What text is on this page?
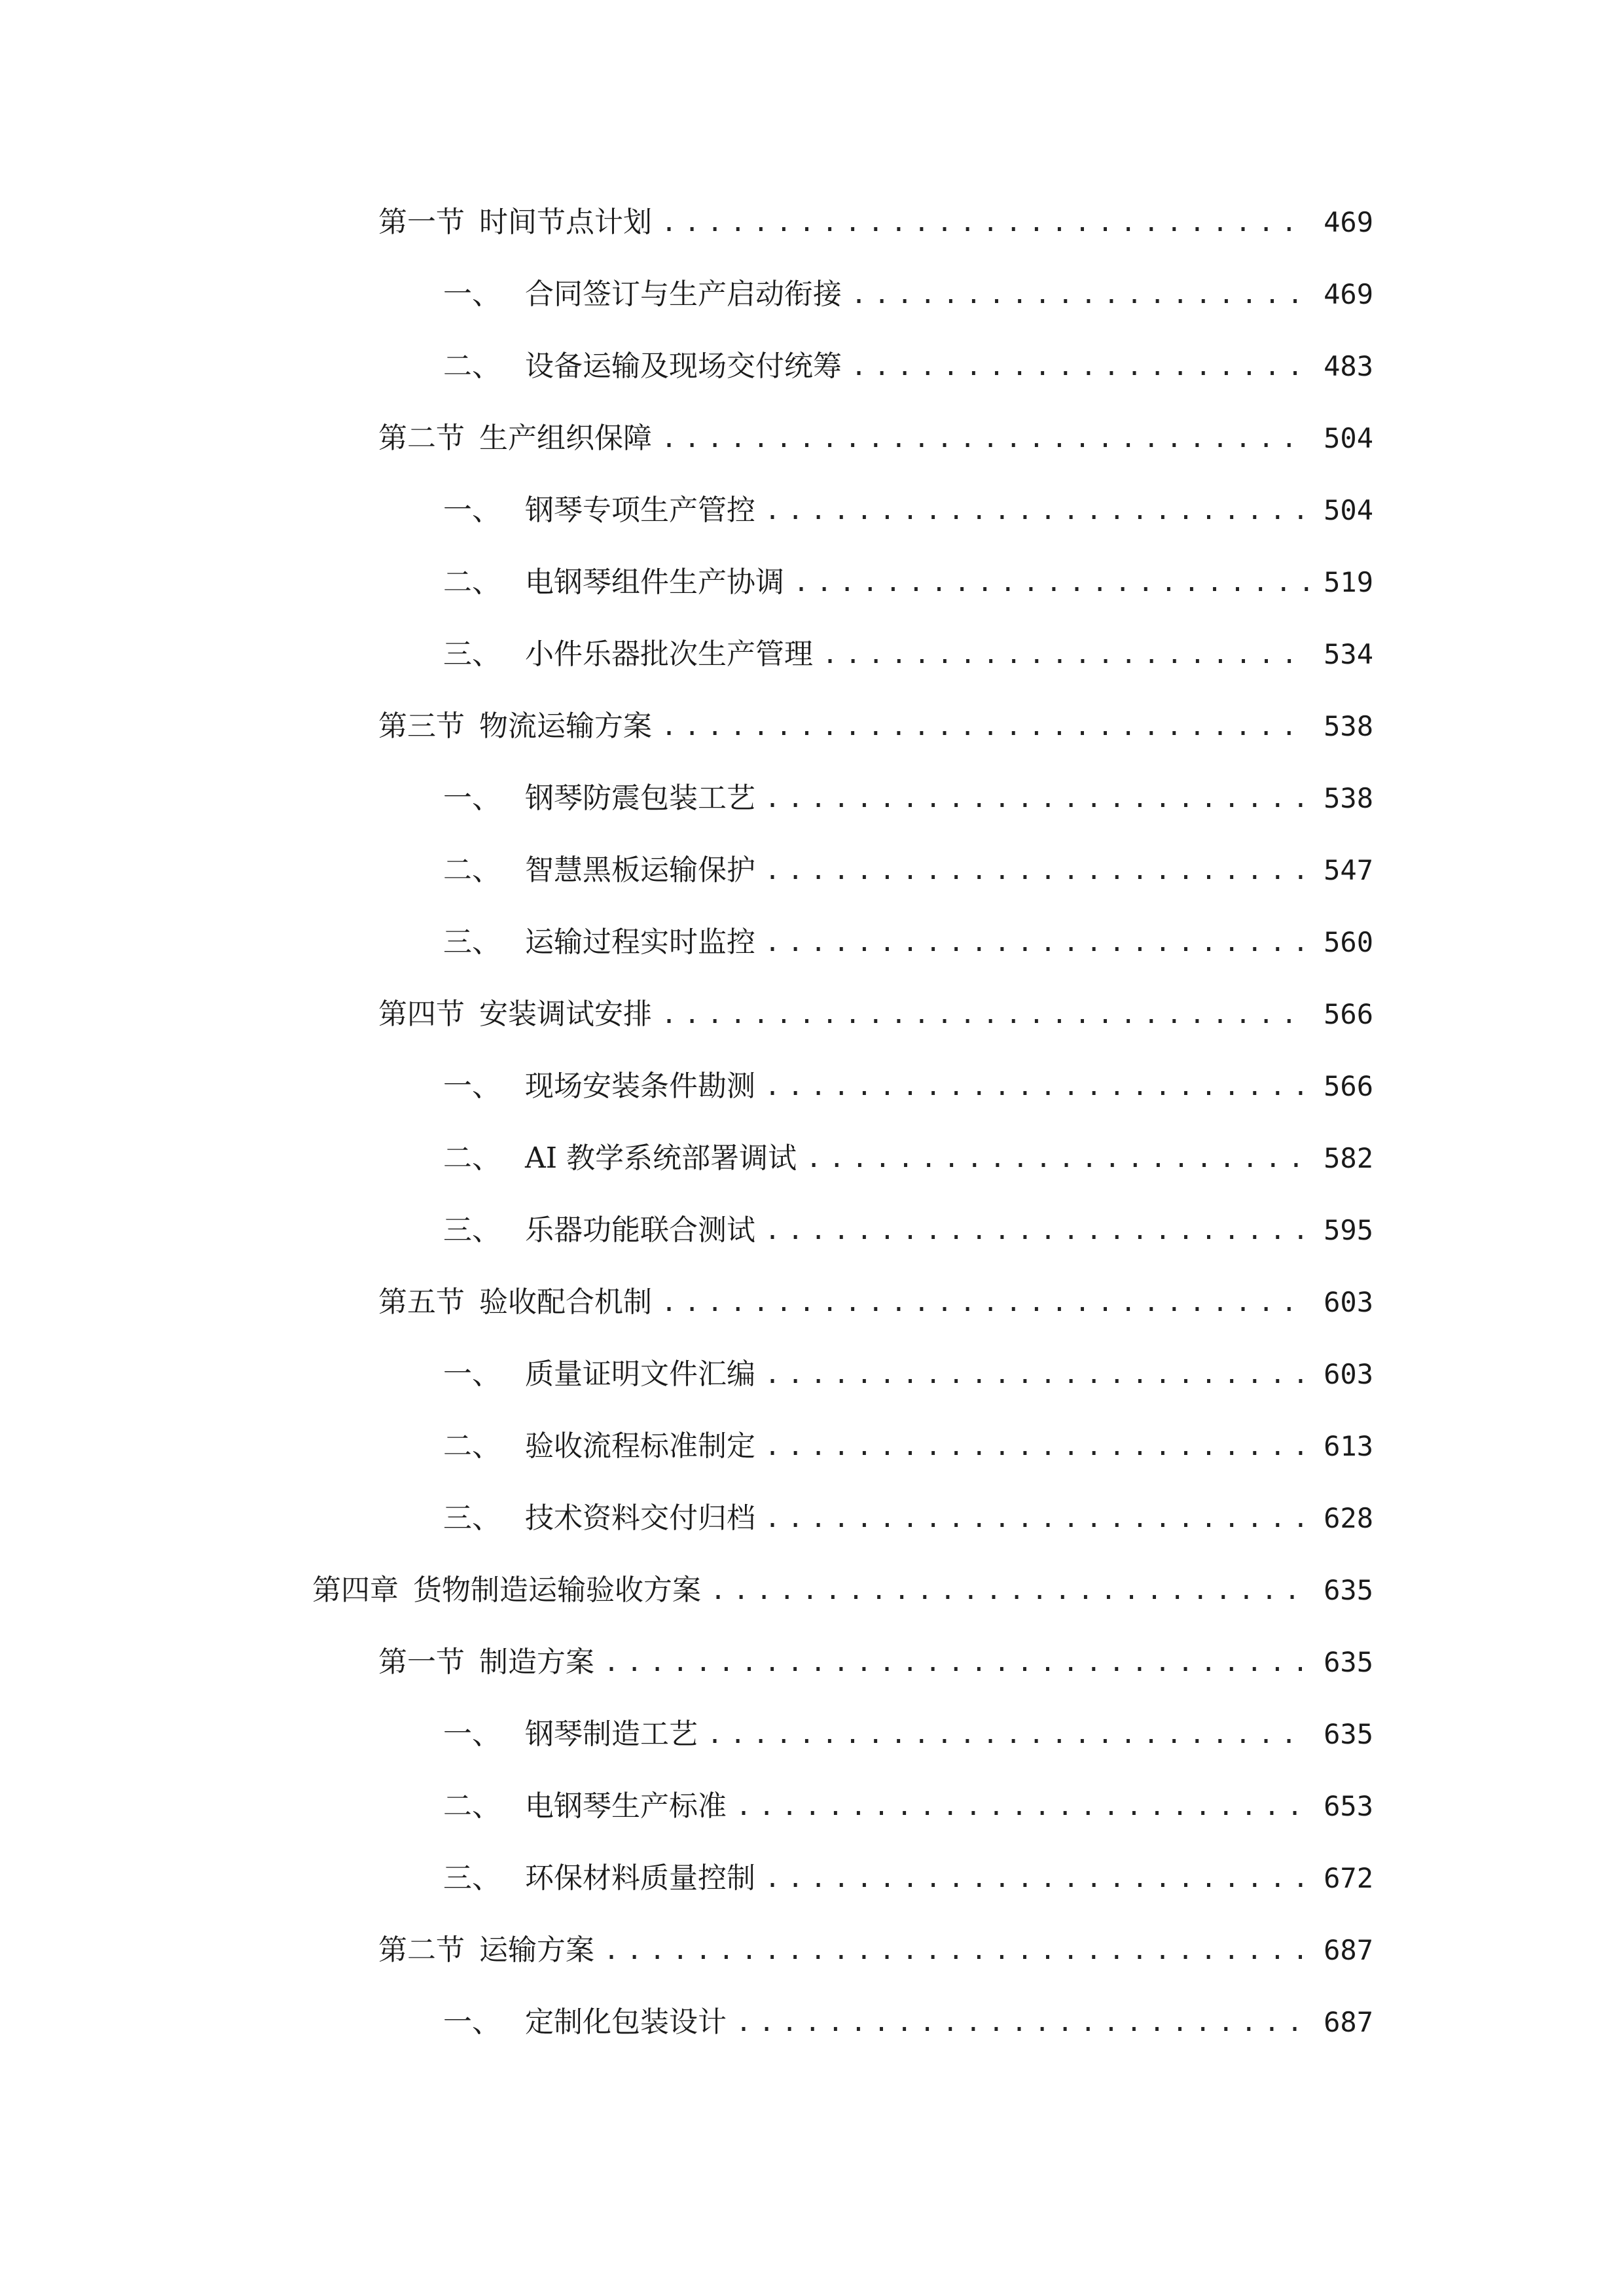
第一节 时间节点计划 .....	469
一、 合同签订与生产启动衔接 .....	469
二、 设备运输及现场交付统筹 .....	483
第二节 生产组织保障 .....	504
一、 钢琴专项生产管控 .....	504
二、 电钢琴组件生产协调 .....	519
三、 小件乐器批次生产管理 .....	534
第三节 物流运输方案 .....	538
一、 钢琴防震包装工艺 .....	538
二、 智慧黑板运输保护 .....	547
三、 运输过程实时监控 .....	560
第四节 安装调试安排 .....	566
一、 现场安装条件勘测 .....	566
二、 AI 教学系统部署调试 .....	582
三、 乐器功能联合测试 .....	595
第五节 验收配合机制 .....	603
一、 质量证明文件汇编 .....	603
二、 验收流程标准制定 .....	613
三、 技术资料交付归档 .....	628
第四章 货物制造运输验收方案 .....	635
第一节 制造方案 .....	635
一、 钢琴制造工艺 .....	635
二、 电钢琴生产标准 .....	653
三、 环保材料质量控制 .....	672
第二节 运输方案 .....	687
一、 定制化包装设计 .....	687
